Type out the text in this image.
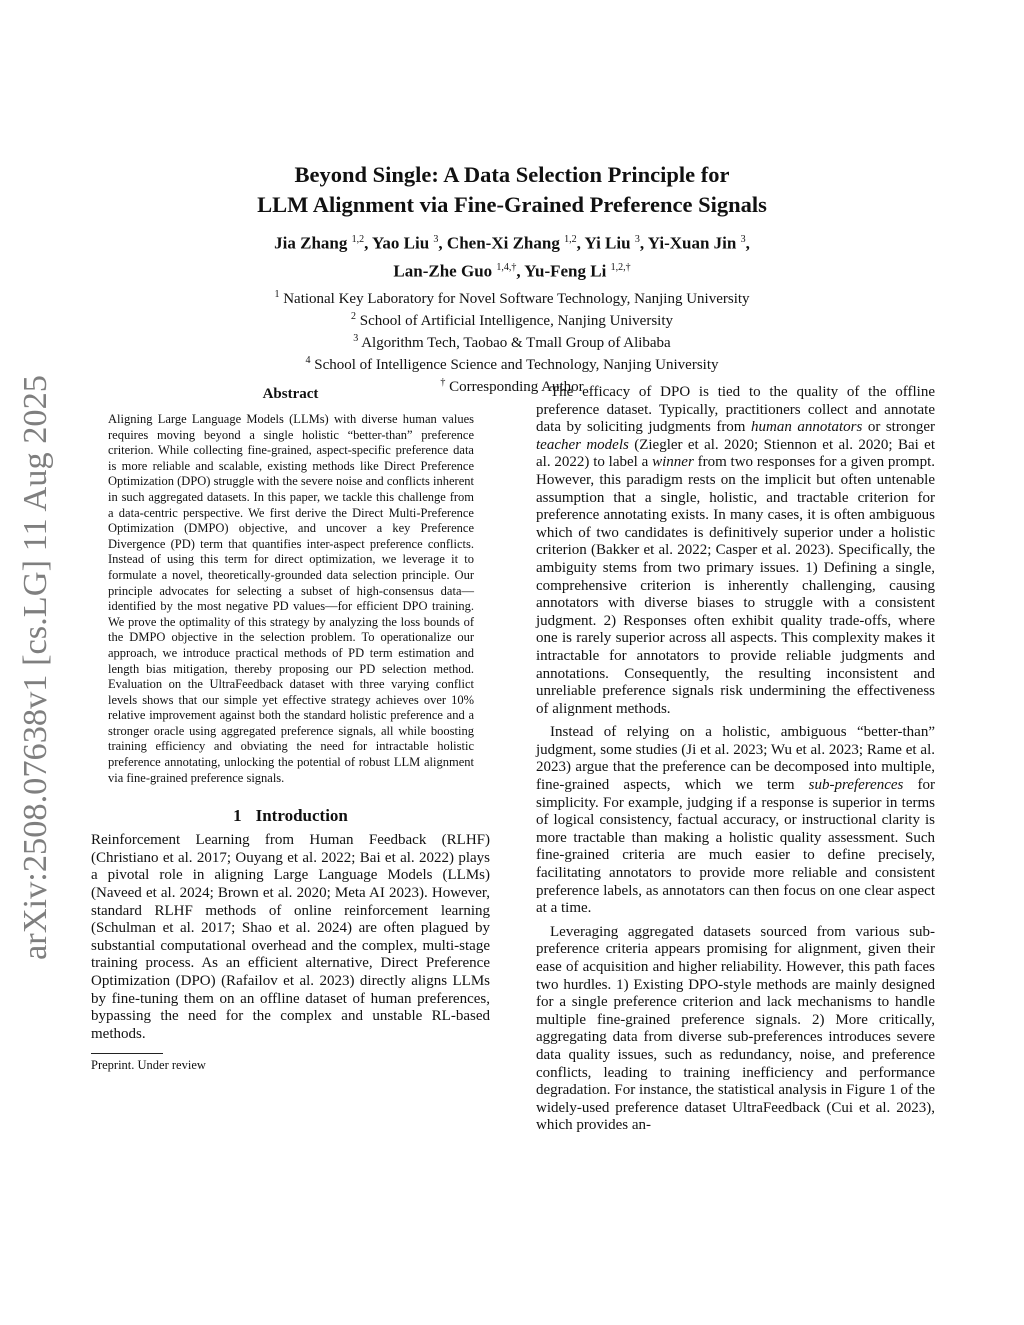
arXiv:2508.07638v1 [cs.LG] 11 Aug 2025
Beyond Single: A Data Selection Principle for
LLM Alignment via Fine-Grained Preference Signals
Jia Zhang $^{1,2}$, Yao Liu $^3$, Chen-Xi Zhang $^{1,2}$, Yi Liu $^3$, Yi-Xuan Jin $^3$,
Lan-Zhe Guo $^{1,4,\dagger}$, Yu-Feng Li $^{1,2,\dagger}$
$^1$ National Key Laboratory for Novel Software Technology, Nanjing University
$^2$ School of Artificial Intelligence, Nanjing University
$^3$ Algorithm Tech, Taobao & Tmall Group of Alibaba
$^4$ School of Intelligence Science and Technology, Nanjing University
† Corresponding Author
Abstract

Aligning Large Language Models (LLMs) with diverse human values requires moving beyond a single holistic “better-than” preference criterion. While collecting fine-grained, aspect-specific preference data is more reliable and scalable, existing methods like Direct Preference Optimization (DPO) struggle with the severe noise and conflicts inherent in such aggregated datasets. In this paper, we tackle this challenge from a data-centric perspective. We first derive the Direct Multi-Preference Optimization (DMPO) objective, and uncover a key Preference Divergence (PD) term that quantifies inter-aspect preference conflicts. Instead of using this term for direct optimization, we leverage it to formulate a novel, theoretically-grounded data selection principle. Our principle advocates for selecting a subset of high-consensus data—identified by the most negative PD values—for efficient DPO training. We prove the optimality of this strategy by analyzing the loss bounds of the DMPO objective in the selection problem. To operationalize our approach, we introduce practical methods of PD term estimation and length bias mitigation, thereby proposing our PD selection method. Evaluation on the UltraFeedback dataset with three varying conflict levels shows that our simple yet effective strategy achieves over 10% relative improvement against both the standard holistic preference and a stronger oracle using aggregated preference signals, all while boosting training efficiency and obviating the need for intractable holistic preference annotating, unlocking the potential of robust LLM alignment via fine-grained preference signals.

1 Introduction

Reinforcement Learning from Human Feedback (RLHF) (Christiano et al. 2017; Ouyang et al. 2022; Bai et al. 2022) plays a pivotal role in aligning Large Language Models (LLMs) (Naveed et al. 2024; Brown et al. 2020; Meta AI 2023). However, standard RLHF methods of online reinforcement learning (Schulman et al. 2017; Shao et al. 2024) are often plagued by substantial computational overhead and the complex, multi-stage training process. As an efficient alternative, Direct Preference Optimization (DPO) (Rafailov et al. 2023) directly aligns LLMs by fine-tuning them on an offline dataset of human preferences, bypassing the need for the complex and unstable RL-based methods.

Preprint. Under review

The efficacy of DPO is tied to the quality of the offline preference dataset. Typically, practitioners collect and annotate data by soliciting judgments from human annotators or stronger teacher models (Ziegler et al. 2020; Stiennon et al. 2020; Bai et al. 2022) to label a winner from two responses for a given prompt. However, this paradigm rests on the implicit but often untenable assumption that a single, holistic, and tractable criterion for preference annotating exists. In many cases, it is often ambiguous which of two candidates is definitively superior under a holistic criterion (Bakker et al. 2022; Casper et al. 2023). Specifically, the ambiguity stems from two primary issues. 1) Defining a single, comprehensive criterion is inherently challenging, causing annotators with diverse biases to struggle with a consistent judgment. 2) Responses often exhibit quality trade-offs, where one is rarely superior across all aspects. This complexity makes it intractable for annotators to provide reliable judgments and annotations. Consequently, the resulting inconsistent and unreliable preference signals risk undermining the effectiveness of alignment methods.

Instead of relying on a holistic, ambiguous “better-than” judgment, some studies (Ji et al. 2023; Wu et al. 2023; Rame et al. 2023) argue that the preference can be decomposed into multiple, fine-grained aspects, which we term sub-preferences for simplicity. For example, judging if a response is superior in terms of logical consistency, factual accuracy, or instructional clarity is more tractable than making a holistic quality assessment. Such fine-grained criteria are much easier to define precisely, facilitating annotators to provide more reliable and consistent preference labels, as annotators can then focus on one clear aspect at a time.

Leveraging aggregated datasets sourced from various sub-preference criteria appears promising for alignment, given their ease of acquisition and higher reliability. However, this path faces two hurdles. 1) Existing DPO-style methods are mainly designed for a single preference criterion and lack mechanisms to handle multiple fine-grained preference signals. 2) More critically, aggregating data from diverse sub-preferences introduces severe data quality issues, such as redundancy, noise, and preference conflicts, leading to training inefficiency and performance degradation. For instance, the statistical analysis in Figure 1 of the widely-used preference dataset UltraFeedback (Cui et al. 2023), which provides an-
